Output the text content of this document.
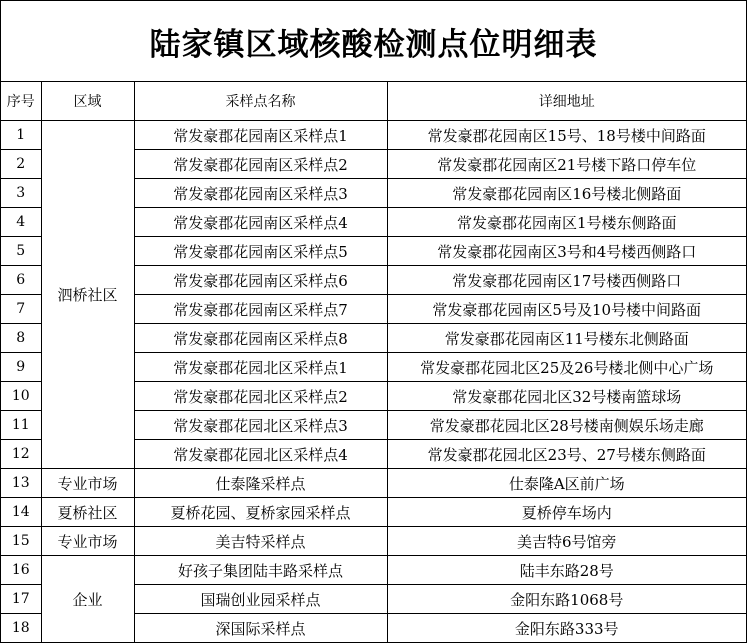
陆家镇区域核酸检测点位明细表
序号	区域	采样点名称	详细地址
1	泗桥社区	常发豪郡花园南区采样点1	常发豪郡花园南区15号、18号楼中间路面
2		常发豪郡花园南区采样点2	常发豪郡花园南区21号楼下路口停车位
3		常发豪郡花园南区采样点3	常发豪郡花园南区16号楼北侧路面
4		常发豪郡花园南区采样点4	常发豪郡花园南区1号楼东侧路面
5		常发豪郡花园南区采样点5	常发豪郡花园南区3号和4号楼西侧路口
6		常发豪郡花园南区采样点6	常发豪郡花园南区17号楼西侧路口
7		常发豪郡花园南区采样点7	常发豪郡花园南区5号及10号楼中间路面
8		常发豪郡花园南区采样点8	常发豪郡花园南区11号楼东北侧路面
9		常发豪郡花园北区采样点1	常发豪郡花园北区25及26号楼北侧中心广场
10		常发豪郡花园北区采样点2	常发豪郡花园北区32号楼南篮球场
11		常发豪郡花园北区采样点3	常发豪郡花园北区28号楼南侧娱乐场走廊
12		常发豪郡花园北区采样点4	常发豪郡花园北区23号、27号楼东侧路面
13	专业市场	仕泰隆采样点	仕泰隆A区前广场
14	夏桥社区	夏桥花园、夏桥家园采样点	夏桥停车场内
15	专业市场	美吉特采样点	美吉特6号馆旁
16	企业	好孩子集团陆丰路采样点	陆丰东路28号
17		国瑞创业园采样点	金阳东路1068号
18		深国际采样点	金阳东路333号
